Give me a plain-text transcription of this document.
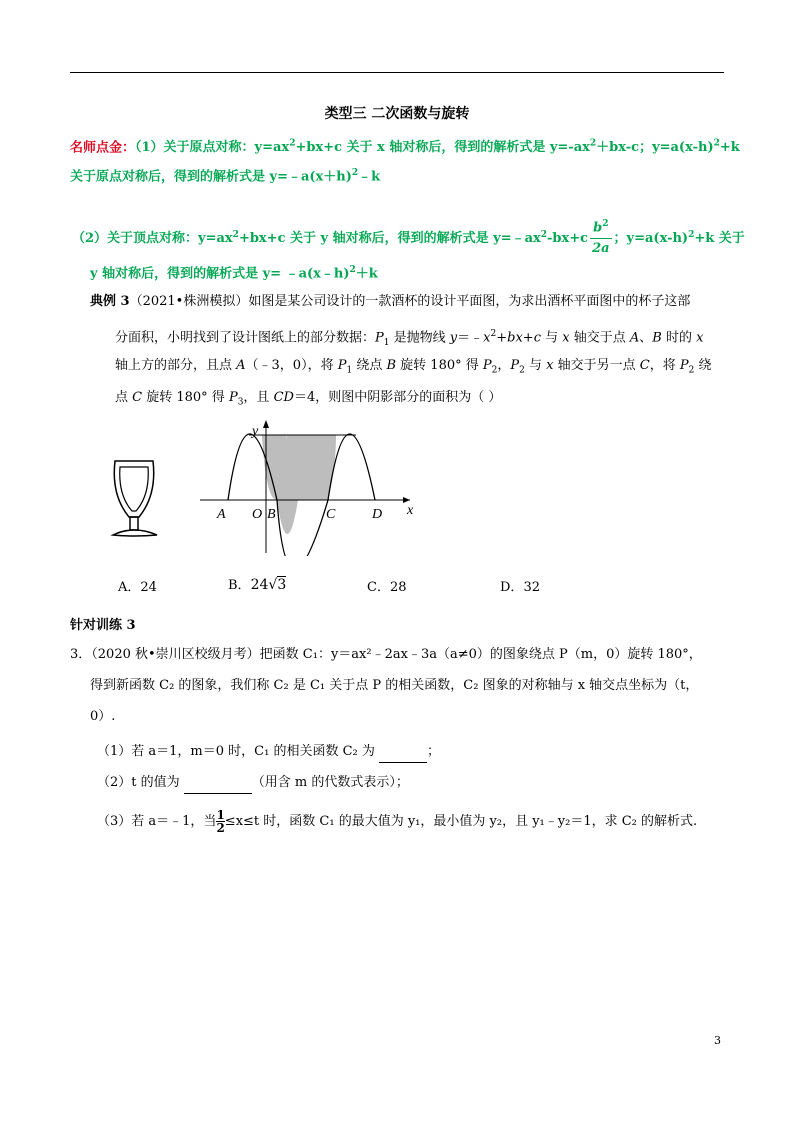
类型三 二次函数与旋转
名师点金：（1）关于原点对称：$y=ax^2+bx+c$ 关于 x 轴对称后，得到的解析式是 $y=-ax^2+bx-c$；$y=a(x-h)^2+k$
关于原点对称后，得到的解析式是 $y=﹣a(x+h)^2﹣k$
（2）关于顶点对称：$y=ax^2+bx+c$ 关于 y 轴对称后，得到的解析式是 $y=﹣ax^2-bx+c \frac{b^2}{2a}$ ；$y=a(x-h)^2+k$ 关于
y 轴对称后，得到的解析式是 y= ﹣a(x﹣h)$^2$＋k
典例 3（2021•株洲模拟）如图是某公司设计的一款酒杯的设计平面图，为求出酒杯平面图中的杯子这部
分面积，小明找到了设计图纸上的部分数据：$P_1$ 是抛物线 $y=﹣x^2+bx+c$ 与 x 轴交于点 A、B 时的 x
轴上方的部分，且点 A（﹣3，0），将 $P_1$ 绕点 B 旋转 180° 得 $P_2$，$P_2$ 与 x 轴交于另一点 C，将 $P_2$ 绕
点 C 旋转 180° 得 $P_3$，且 CD＝4，则图中阴影部分的面积为（ ）
y
x
A O B	C	D
A．24	B．24√3	C．28	D．32
针对训练 3
3．（2020 秋•崇川区校级月考）把函数 C₁：y＝ax²﹣2ax﹣3a（a≠0）的图象绕点 P（m，0）旋转 180°，
得到新函数 C₂ 的图象，我们称 C₂ 是 C₁ 关于点 P 的相关函数，C₂ 图象的对称轴与 x 轴交点坐标为（t，
0）.
（1）若 a＝1，m＝0 时，C₁ 的相关函数 C₂ 为	；
（2）t 的值为	（用含 m 的代数式表示）；
（3）若 a＝﹣1，当 $\frac{1}{2}\le x\le t$ 时，函数 C₁ 的最大值为 y₁，最小值为 y₂，且 y₁﹣y₂＝1，求 C₂ 的解析式.
3
